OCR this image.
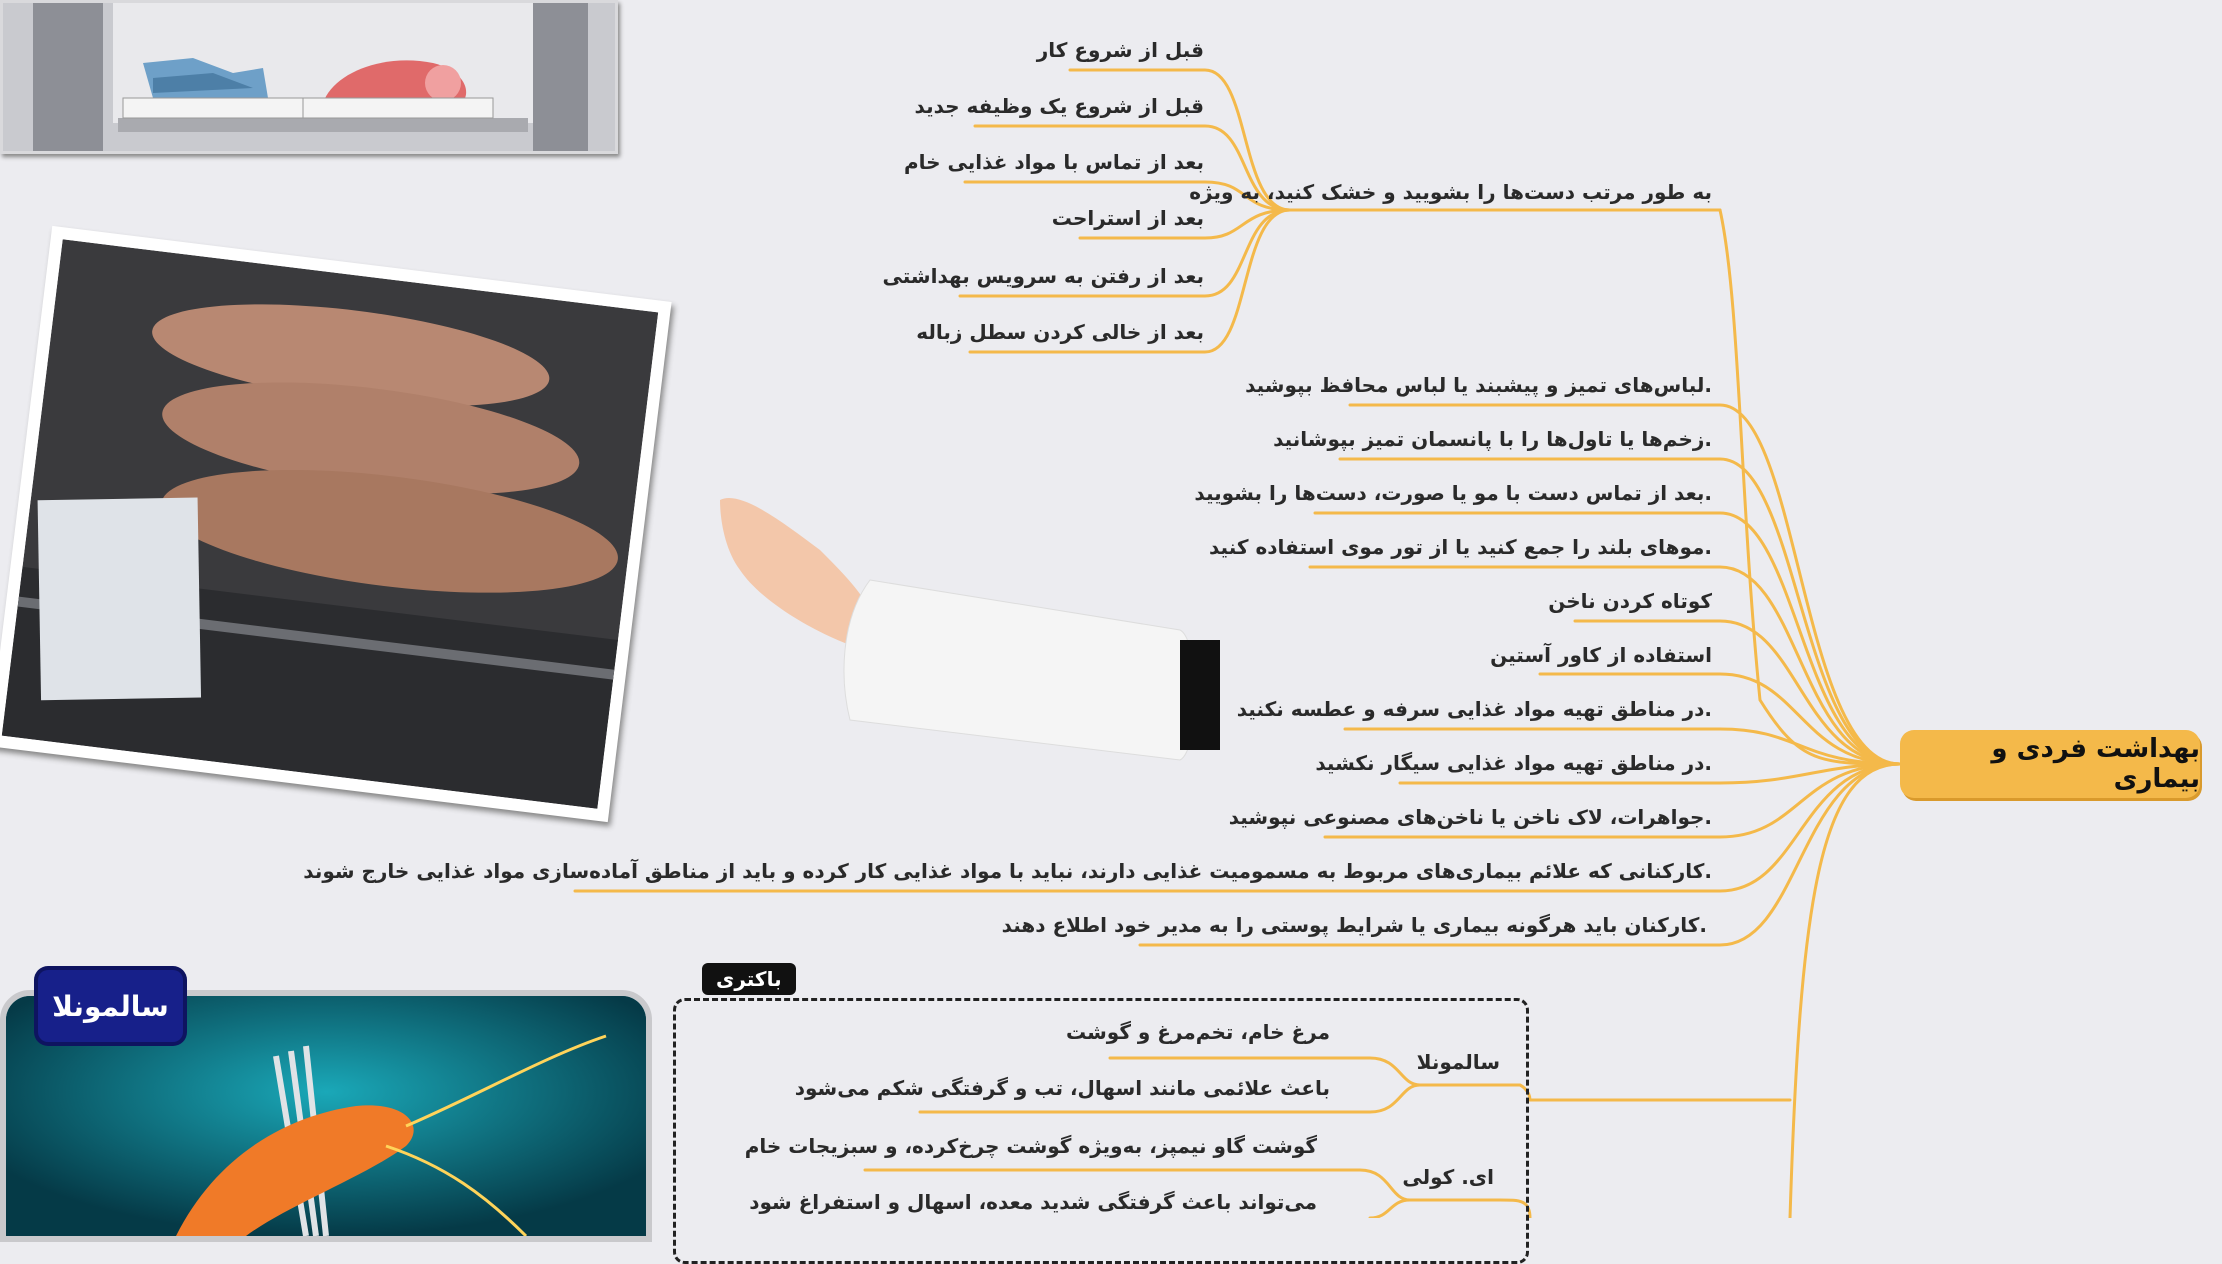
بهداشت فردی و بیماری
به طور مرتب دست‌ها را بشویید و خشک کنید، به ویژه
قبل از شروع کار
قبل از شروع یک وظیفه جدید
بعد از تماس با مواد غذایی خام
بعد از استراحت
بعد از رفتن به سرویس بهداشتی
بعد از خالی کردن سطل زباله
.لباس‌های تمیز و پیشبند یا لباس محافظ بپوشید
.زخم‌ها یا تاول‌ها را با پانسمان تمیز بپوشانید
.بعد از تماس دست با مو یا صورت، دست‌ها را بشویید
.موهای بلند را جمع کنید یا از تور موی استفاده کنید
کوتاه کردن ناخن
استفاده از کاور آستین
.در مناطق تهیه مواد غذایی سرفه و عطسه نکنید
.در مناطق تهیه مواد غذایی سیگار نکشید
.جواهرات، لاک ناخن یا ناخن‌های مصنوعی نپوشید
.کارکنانی که علائم بیماری‌های مربوط به مسمومیت غذایی دارند، نباید با مواد غذایی کار کرده و باید از مناطق آماده‌سازی مواد غذایی خارج شوند
.کارکنان باید هرگونه بیماری یا شرایط پوستی را به مدیر خود اطلاع دهند
باکتری
سالمونلا
مرغ خام، تخم‌مرغ و گوشت
باعث علائمی مانند اسهال، تب و گرفتگی شکم می‌شود
ای. کولی
گوشت گاو نیمپز، به‌ویژه گوشت چرخ‌کرده، و سبزیجات خام
می‌تواند باعث گرفتگی شدید معده، اسهال و استفراغ شود
سالمونلا
